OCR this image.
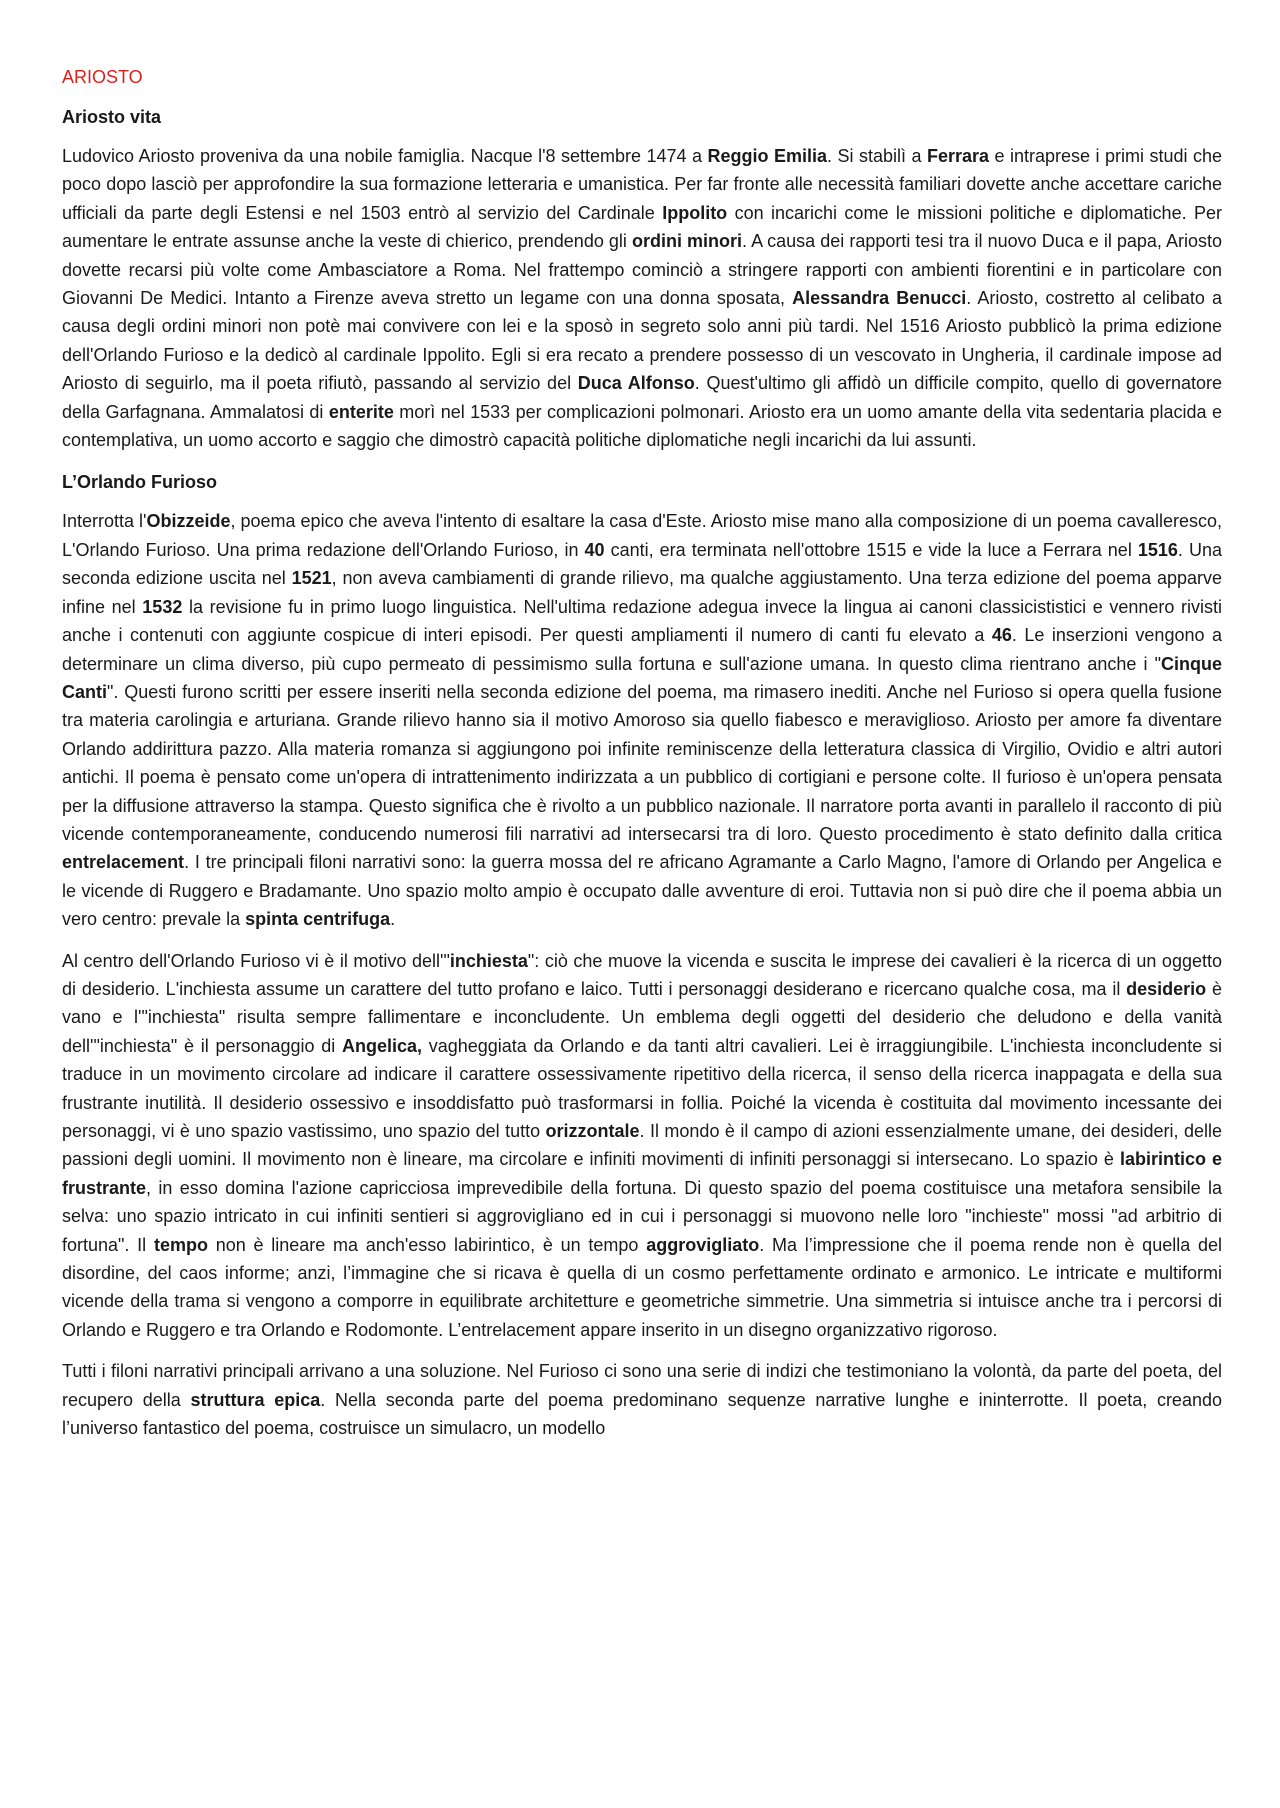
ARIOSTO
Ariosto vita

Ludovico Ariosto proveniva da una nobile famiglia. Nacque l'8 settembre 1474 a Reggio Emilia. Si stabilì a Ferrara e intraprese i primi studi che poco dopo lasciò per approfondire la sua formazione letteraria e umanistica. Per far fronte alle necessità familiari dovette anche accettare cariche ufficiali da parte degli Estensi e nel 1503 entrò al servizio del Cardinale Ippolito con incarichi come le missioni politiche e diplomatiche. Per aumentare le entrate assunse anche la veste di chierico, prendendo gli ordini minori. A causa dei rapporti tesi tra il nuovo Duca e il papa, Ariosto dovette recarsi più volte come Ambasciatore a Roma. Nel frattempo cominciò a stringere rapporti con ambienti fiorentini e in particolare con Giovanni De Medici. Intanto a Firenze aveva stretto un legame con una donna sposata, Alessandra Benucci. Ariosto, costretto al celibato a causa degli ordini minori non potè mai convivere con lei e la sposò in segreto solo anni più tardi. Nel 1516 Ariosto pubblicò la prima edizione dell'Orlando Furioso e la dedicò al cardinale Ippolito. Egli si era recato a prendere possesso di un vescovato in Ungheria, il cardinale impose ad Ariosto di seguirlo, ma il poeta rifiutò, passando al servizio del Duca Alfonso. Quest'ultimo gli affidò un difficile compito, quello di governatore della Garfagnana. Ammalatosi di enterite morì nel 1533 per complicazioni polmonari. Ariosto era un uomo amante della vita sedentaria placida e contemplativa, un uomo accorto e saggio che dimostrò capacità politiche diplomatiche negli incarichi da lui assunti.

L’Orlando Furioso

Interrotta l'Obizzeide, poema epico che aveva l'intento di esaltare la casa d'Este. Ariosto mise mano alla composizione di un poema cavalleresco, L'Orlando Furioso. Una prima redazione dell'Orlando Furioso, in 40 canti, era terminata nell'ottobre 1515 e vide la luce a Ferrara nel 1516. Una seconda edizione uscita nel 1521, non aveva cambiamenti di grande rilievo, ma qualche aggiustamento. Una terza edizione del poema apparve infine nel 1532 la revisione fu in primo luogo linguistica. Nell'ultima redazione adegua invece la lingua ai canoni classicististici e vennero rivisti anche i contenuti con aggiunte cospicue di interi episodi. Per questi ampliamenti il numero di canti fu elevato a 46. Le inserzioni vengono a determinare un clima diverso, più cupo permeato di pessimismo sulla fortuna e sull'azione umana. In questo clima rientrano anche i "Cinque Canti". Questi furono scritti per essere inseriti nella seconda edizione del poema, ma rimasero inediti. Anche nel Furioso si opera quella fusione tra materia carolingia e arturiana. Grande rilievo hanno sia il motivo Amoroso sia quello fiabesco e meraviglioso. Ariosto per amore fa diventare Orlando addirittura pazzo. Alla materia romanza si aggiungono poi infinite reminiscenze della letteratura classica di Virgilio, Ovidio e altri autori antichi. Il poema è pensato come un'opera di intrattenimento indirizzata a un pubblico di cortigiani e persone colte. Il furioso è un'opera pensata per la diffusione attraverso la stampa. Questo significa che è rivolto a un pubblico nazionale. Il narratore porta avanti in parallelo il racconto di più vicende contemporaneamente, conducendo numerosi fili narrativi ad intersecarsi tra di loro. Questo procedimento è stato definito dalla critica entrelacement. I tre principali filoni narrativi sono: la guerra mossa del re africano Agramante a Carlo Magno, l'amore di Orlando per Angelica e le vicende di Ruggero e Bradamante. Uno spazio molto ampio è occupato dalle avventure di eroi. Tuttavia non si può dire che il poema abbia un vero centro: prevale la spinta centrifuga.

Al centro dell'Orlando Furioso vi è il motivo dell'"inchiesta": ciò che muove la vicenda e suscita le imprese dei cavalieri è la ricerca di un oggetto di desiderio. L'inchiesta assume un carattere del tutto profano e laico. Tutti i personaggi desiderano e ricercano qualche cosa, ma il desiderio è vano e l'"inchiesta" risulta sempre fallimentare e inconcludente. Un emblema degli oggetti del desiderio che deludono e della vanità dell'"inchiesta" è il personaggio di Angelica, vagheggiata da Orlando e da tanti altri cavalieri. Lei è irraggiungibile. L'inchiesta inconcludente si traduce in un movimento circolare ad indicare il carattere ossessivamente ripetitivo della ricerca, il senso della ricerca inappagata e della sua frustrante inutilità. Il desiderio ossessivo e insoddisfatto può trasformarsi in follia. Poiché la vicenda è costituita dal movimento incessante dei personaggi, vi è uno spazio vastissimo, uno spazio del tutto orizzontale. Il mondo è il campo di azioni essenzialmente umane, dei desideri, delle passioni degli uomini. Il movimento non è lineare, ma circolare e infiniti movimenti di infiniti personaggi si intersecano. Lo spazio è labirintico e frustrante, in esso domina l'azione capricciosa imprevedibile della fortuna. Di questo spazio del poema costituisce una metafora sensibile la selva: uno spazio intricato in cui infiniti sentieri si aggrovigliano ed in cui i personaggi si muovono nelle loro "inchieste" mossi "ad arbitrio di fortuna". Il tempo non è lineare ma anch'esso labirintico, è un tempo aggrovigliato. Ma l’impressione che il poema rende non è quella del disordine, del caos informe; anzi, l’immagine che si ricava è quella di un cosmo perfettamente ordinato e armonico. Le intricate e multiformi vicende della trama si vengono a comporre in equilibrate architetture e geometriche simmetrie. Una simmetria si intuisce anche tra i percorsi di Orlando e Ruggero e tra Orlando e Rodomonte. L’entrelacement appare inserito in un disegno organizzativo rigoroso.

Tutti i filoni narrativi principali arrivano a una soluzione. Nel Furioso ci sono una serie di indizi che testimoniano la volontà, da parte del poeta, del recupero della struttura epica. Nella seconda parte del poema predominano sequenze narrative lunghe e ininterrotte. Il poeta, creando l’universo fantastico del poema, costruisce un simulacro, un modello
